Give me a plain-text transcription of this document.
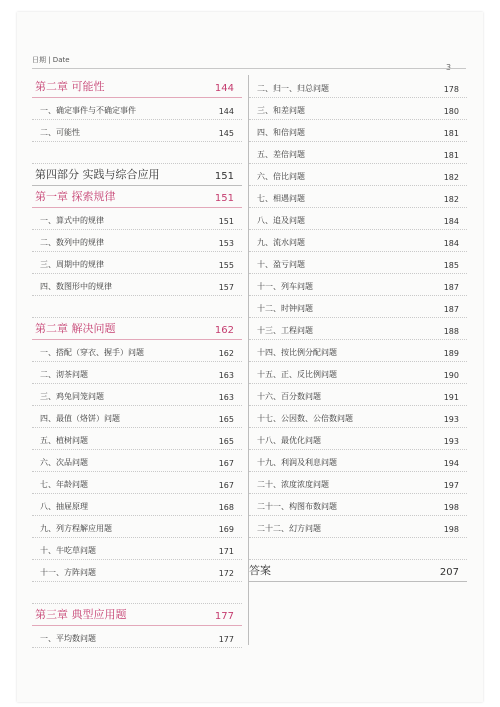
日期 | Date
3
第二章 可能性	144
一、确定事件与不确定事件	144
二、可能性	145
第四部分 实践与综合应用	151
第一章 探索规律	151
一、算式中的规律	151
二、数列中的规律	153
三、周期中的规律	155
四、数图形中的规律	157
第二章 解决问题	162
一、搭配（穿衣、握手）问题	162
二、沏茶问题	163
三、鸡兔同笼问题	163
四、最值（烙饼）问题	165
五、植树问题	165
六、次品问题	167
七、年龄问题	167
八、抽屉原理	168
九、列方程解应用题	169
十、牛吃草问题	171
十一、方阵问题	172
第三章 典型应用题	177
一、平均数问题	177
二、归一、归总问题	178
三、和差问题	180
四、和倍问题	181
五、差倍问题	181
六、倍比问题	182
七、相遇问题	182
八、追及问题	184
九、流水问题	184
十、盈亏问题	185
十一、列车问题	187
十二、时钟问题	187
十三、工程问题	188
十四、按比例分配问题	189
十五、正、反比例问题	190
十六、百分数问题	191
十七、公因数、公倍数问题	193
十八、最优化问题	193
十九、利润及利息问题	194
二十、浓度浓度问题	197
二十一、构图布数问题	198
二十二、幻方问题	198
答案	207
